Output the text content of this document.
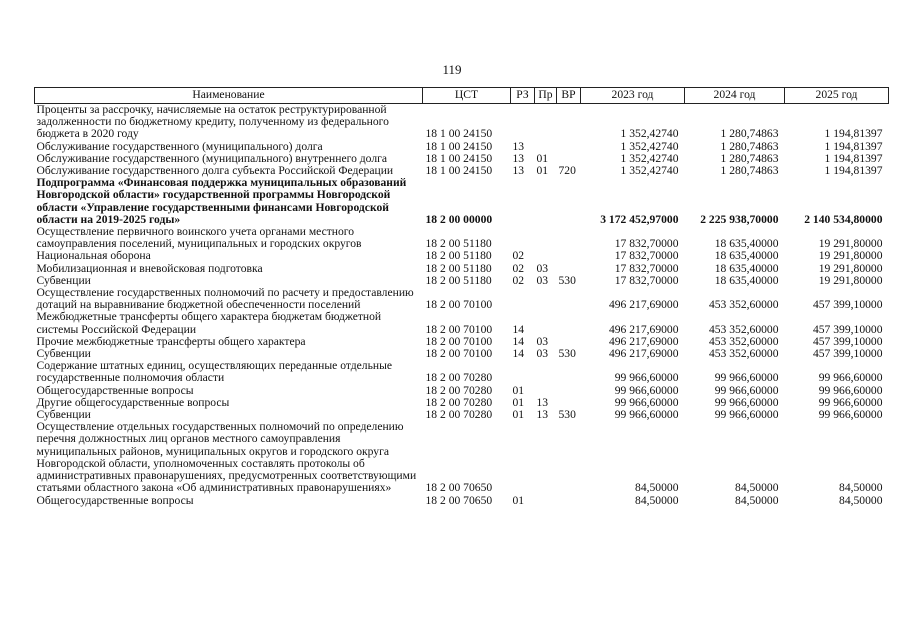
119
Наименование	ЦСТ	РЗ	Пр	ВР	2023 год	2024 год	2025 год
Проценты за рассрочку, начисляемые на остаток реструктурированной задолженности по бюджетному кредиту, полученному из федерального бюджета в 2020 году	18 1 00 24150				1 352,42740	1 280,74863	1 194,81397
Обслуживание государственного (муниципального) долга	18 1 00 24150	13			1 352,42740	1 280,74863	1 194,81397
Обслуживание государственного (муниципального) внутреннего долга	18 1 00 24150	13	01		1 352,42740	1 280,74863	1 194,81397
Обслуживание государственного долга субъекта Российской Федерации	18 1 00 24150	13	01	720	1 352,42740	1 280,74863	1 194,81397
Подпрограмма «Финансовая поддержка муниципальных образований Новгородской области» государственной программы Новгородской области «Управление государственными финансами Новгородской области на 2019-2025 годы»	18 2 00 00000				3 172 452,97000	2 225 938,70000	2 140 534,80000
Осуществление первичного воинского учета органами местного самоуправления поселений, муниципальных и городских округов	18 2 00 51180				17 832,70000	18 635,40000	19 291,80000
Национальная оборона	18 2 00 51180	02			17 832,70000	18 635,40000	19 291,80000
Мобилизационная и вневойсковая подготовка	18 2 00 51180	02	03		17 832,70000	18 635,40000	19 291,80000
Субвенции	18 2 00 51180	02	03	530	17 832,70000	18 635,40000	19 291,80000
Осуществление государственных полномочий по расчету и предоставлению дотаций на выравнивание бюджетной обеспеченности поселений	18 2 00 70100				496 217,69000	453 352,60000	457 399,10000
Межбюджетные трансферты общего характера бюджетам бюджетной системы Российской Федерации	18 2 00 70100	14			496 217,69000	453 352,60000	457 399,10000
Прочие межбюджетные трансферты общего характера	18 2 00 70100	14	03		496 217,69000	453 352,60000	457 399,10000
Субвенции	18 2 00 70100	14	03	530	496 217,69000	453 352,60000	457 399,10000
Содержание штатных единиц, осуществляющих переданные отдельные государственные полномочия области	18 2 00 70280				99 966,60000	99 966,60000	99 966,60000
Общегосударственные вопросы	18 2 00 70280	01			99 966,60000	99 966,60000	99 966,60000
Другие общегосударственные вопросы	18 2 00 70280	01	13		99 966,60000	99 966,60000	99 966,60000
Субвенции	18 2 00 70280	01	13	530	99 966,60000	99 966,60000	99 966,60000
Осуществление отдельных государственных полномочий по определению перечня должностных лиц органов местного самоуправления муниципальных районов, муниципальных округов и городского округа Новгородской области, уполномоченных составлять протоколы об административных правонарушениях, предусмотренных соответствующими статьями областного закона «Об административных правонарушениях»	18 2 00 70650				84,50000	84,50000	84,50000
Общегосударственные вопросы	18 2 00 70650	01			84,50000	84,50000	84,50000
